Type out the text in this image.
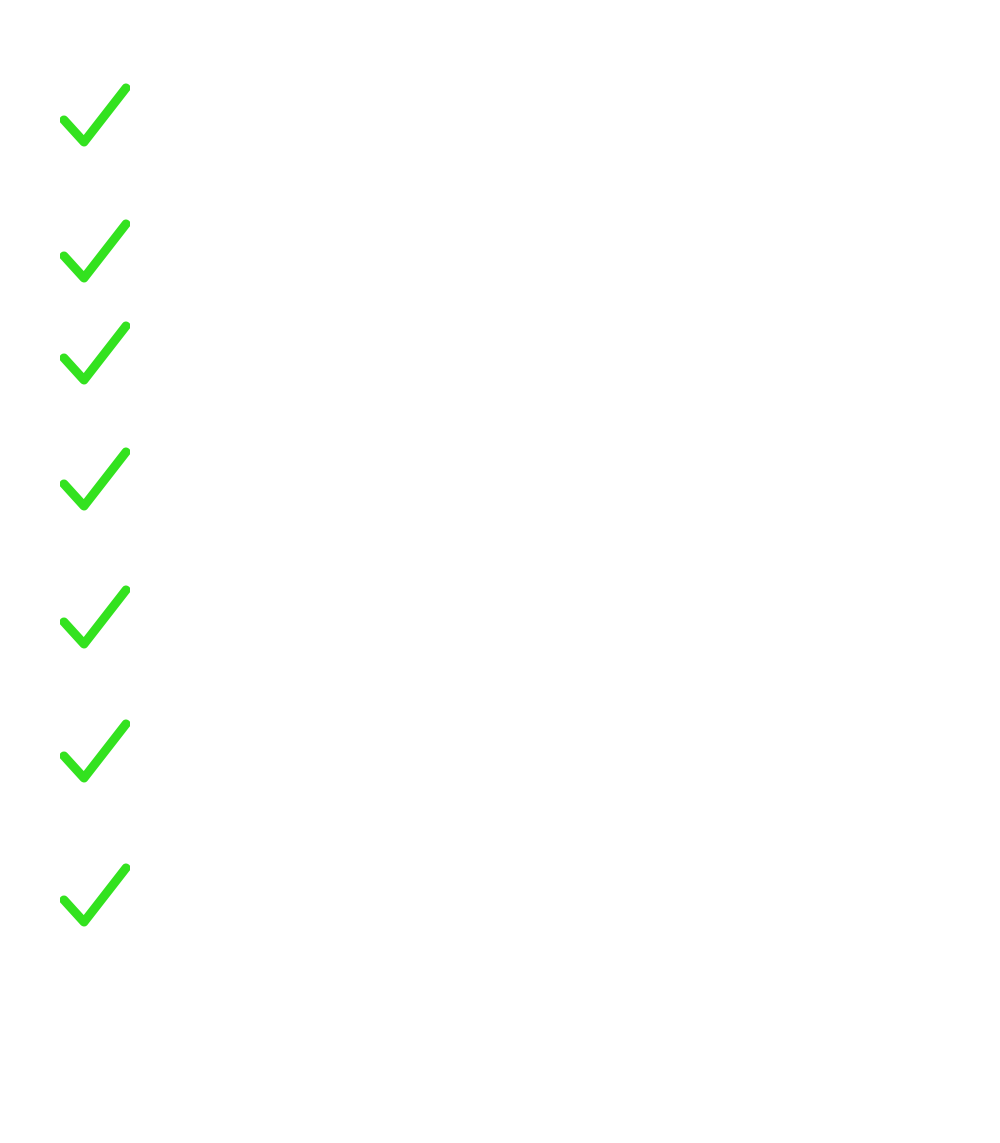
Program mentoring 30 hari (oleh
mentor COL)
Turun 7 kg dalam 30 hari atau uang kembali
+ 20 JUTA
Gak perlu Facebook
Cocok untuk yang tidak bisa
commit lebih dari 30 hari
Cocok untuk yg ada acara bulan
depan dan baju masih kesempitan
Pendaftaran selalu penuh setiap
batch, buruan daftar!
Lebih murah dari harga
suplemen mu dan ada jaminan!
Hanya Rp 517.000
*Harga belum termasuk PPN
